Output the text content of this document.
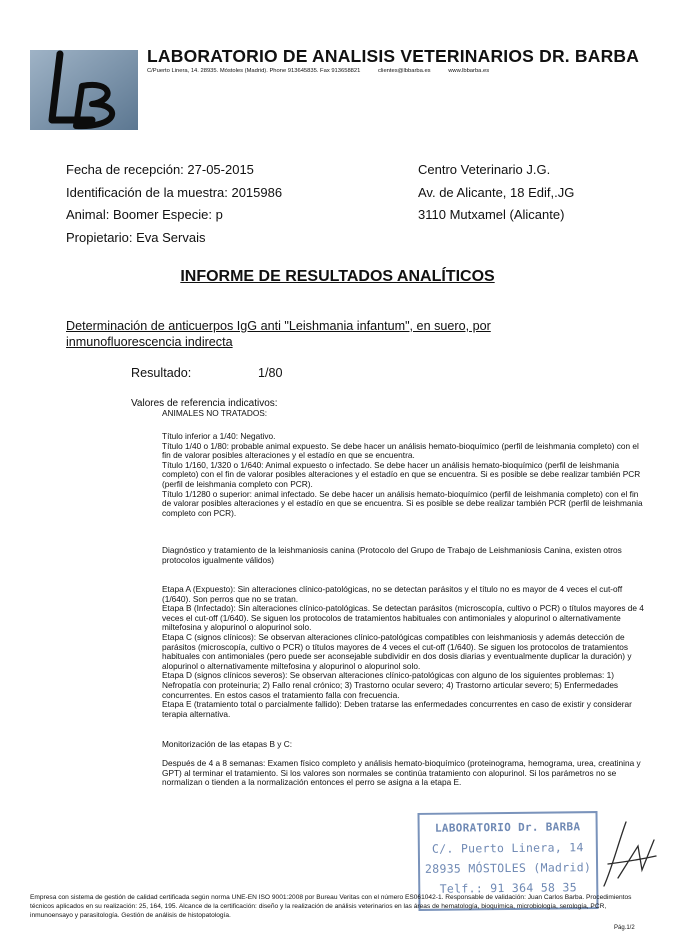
LABORATORIO DE ANALISIS VETERINARIOS DR. BARBA
C/Puerto Linera, 14. 28935. Móstoles (Madrid). Phone 913645835. Fax 913658821	clientes@lbbarba.es	www.lbbarba.es
Fecha de recepción: 27-05-2015
Identificación de la muestra: 2015986
Animal: Boomer Especie: p
Propietario: Eva Servais
Centro Veterinario J.G.
Av. de Alicante, 18 Edif,.JG
3110 Mutxamel (Alicante)
INFORME DE RESULTADOS ANALÍTICOS
Determinación de anticuerpos IgG anti "Leishmania infantum", en suero, por inmunofluorescencia indirecta
Resultado:	1/80
Valores de referencia indicativos:
ANIMALES NO TRATADOS:
Título inferior a 1/40: Negativo.
Título 1/40 o 1/80: probable animal expuesto. Se debe hacer un análisis hemato-bioquímico (perfil de leishmania completo) con el fin de valorar posibles alteraciones y el estadío en que se encuentra.
Título 1/160, 1/320 o 1/640: Animal expuesto o infectado. Se debe hacer un análisis hemato-bioquímico (perfil de leishmania completo) con el fin de valorar posibles alteraciones y el estadío en que se encuentra. Si es posible se debe realizar también PCR (perfil de leishmania completo con PCR).
Título 1/1280 o superior: animal infectado. Se debe hacer un análisis hemato-bioquímico (perfil de leishmania completo) con el fin de valorar posibles alteraciones y el estadío en que se encuentra. Si es posible se debe realizar también PCR (perfil de leishmania completo con PCR).
Diagnóstico y tratamiento de la leishmaniosis canina (Protocolo del Grupo de Trabajo de Leishmaniosis Canina, existen otros protocolos igualmente válidos)
Etapa A (Expuesto): Sin alteraciones clínico-patológicas, no se detectan parásitos y el título no es mayor de 4 veces el cut-off (1/640). Son perros que no se tratan.
Etapa B (Infectado): Sin alteraciones clínico-patológicas. Se detectan parásitos (microscopía, cultivo o PCR) o títulos mayores de 4 veces el cut-off (1/640). Se siguen los protocolos de tratamientos habituales con antimoniales y alopurinol o alternativamente miltefosina y alopurinol o alopurinol solo.
Etapa C (signos clínicos): Se observan alteraciones clínico-patológicas compatibles con leishmaniosis y además detección de parásitos (microscopía, cultivo o PCR) o títulos mayores de 4 veces el cut-off (1/640). Se siguen los protocolos de tratamientos habituales con antimoniales (pero puede ser aconsejable subdividir en dos dosis diarias y eventualmente duplicar la duración) y alopurinol o alternativamente miltefosina y alopurinol o alopurinol solo.
Etapa D (signos clínicos severos): Se observan alteraciones clínico-patológicas con alguno de los siguientes problemas: 1) Nefropatía con proteinuria; 2) Fallo renal crónico; 3) Trastorno ocular severo; 4) Trastorno articular severo; 5) Enfermedades concurrentes. En estos casos el tratamiento falla con frecuencia.
Etapa E (tratamiento total o parcialmente fallido): Deben tratarse las enfermedades concurrentes en caso de existir y considerar terapia alternativa.
Monitorización de las etapas B y C:
Después de 4 a 8 semanas: Examen físico completo y análisis hemato-bioquímico (proteinograma, hemograma, urea, creatinina y GPT) al terminar el tratamiento. Si los valores son normales se continúa tratamiento con alopurinol. Si los parámetros no se normalizan o tienden a la normalización entonces el perro se asigna a la etapa E.
LABORATORIO Dr. BARBA
C/. Puerto Linera, 14
28935 MÓSTOLES (Madrid)
Telf.: 91 364 58 35
Empresa con sistema de gestión de calidad certificada según norma UNE-EN ISO 9001:2008 por Bureau Veritas con el número ES061042-1. Responsable de validación: Juan Carlos Barba. Procedimientos técnicos aplicados en su realización: 25, 164, 195. Alcance de la certificación: diseño y la realización de análisis veterinarios en las áreas de hematología, bioquímica, microbiología, serología, PCR, inmunoensayo y parasitología. Gestión de análisis de histopatología.
Pág.1/2
